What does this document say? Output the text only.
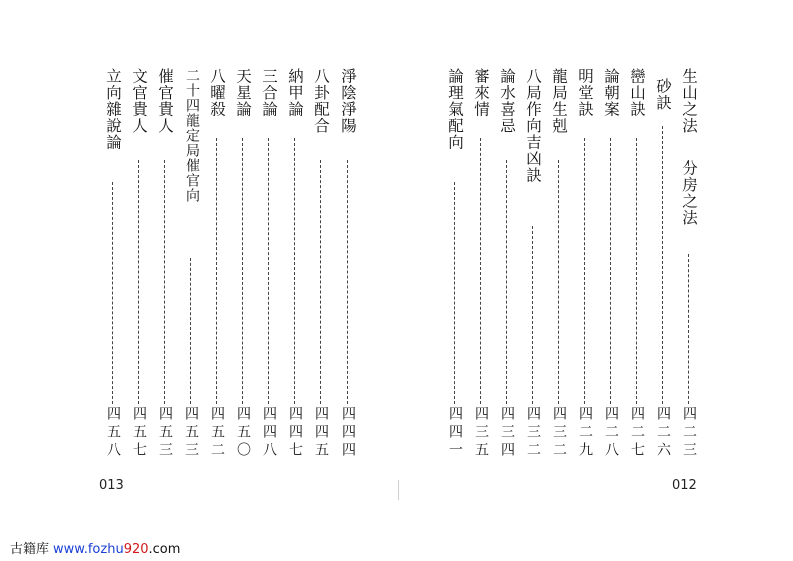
淨陰淨陽
四四四
八卦配合
四四五
納甲論
四四七
三合論
四四八
天星論
四五〇
八曜殺
四五二
二十四龍定局催官向
四五三
催官貴人
四五三
文官貴人
四五七
立向雜說論
四五八
013
生山之法
分房之法
四二三
砂訣
四二六
巒山訣
四二七
論朝案
四二八
明堂訣
四二九
龍局生剋
四三二
八局作向吉凶訣
四三二
論水喜忌
四三四
審來情
四三五
論理氣配向
四四一
012
古籍库 www.fozhu920.com
